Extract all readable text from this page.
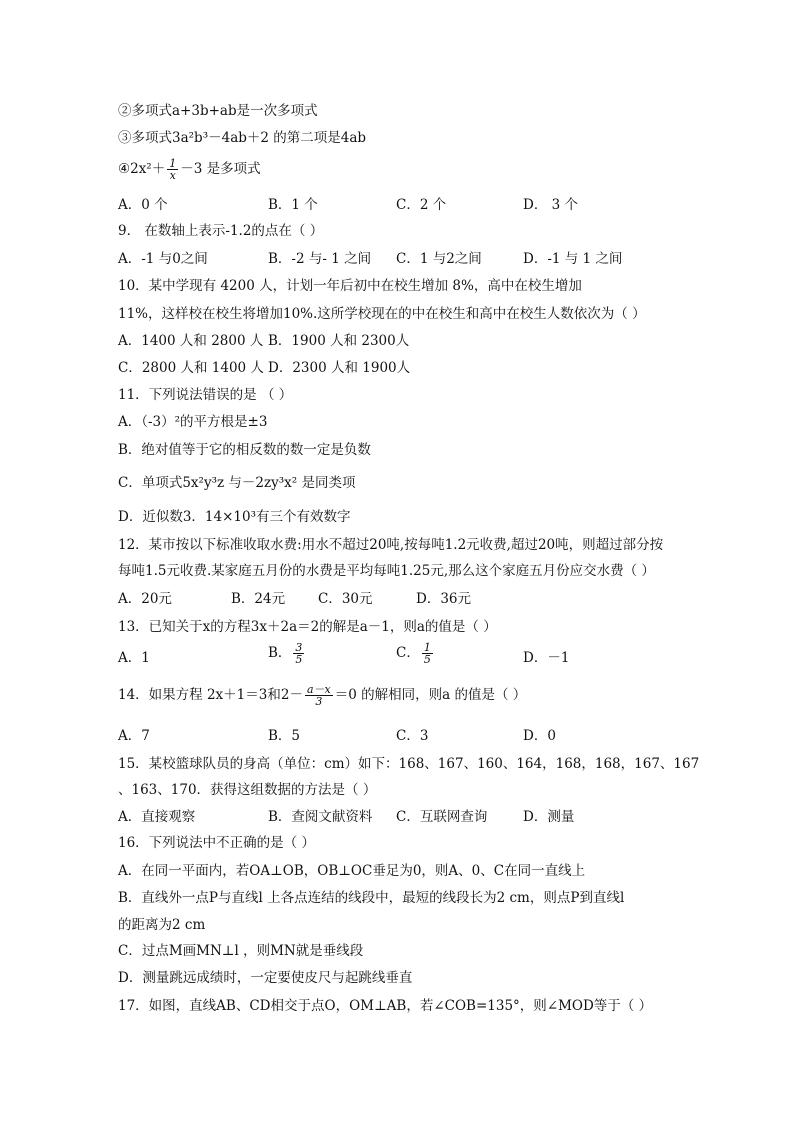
②多项式a+3b+ab是一次多项式
③多项式3a²b³－4ab＋2 的第二项是4ab
④2x²＋ $\frac{1}{x} -3$ 是多项式
A．0 个	B．1 个	C．2 个	D． 3 个
9． 在数轴上表示-1.2的点在（ ）
A．-1 与0之间	B．-2 与- 1 之间 C．1 与2之间	D．-1 与 1 之间
10．某中学现有 4200 人，计划一年后初中在校生增加 8%，高中在校生增加
11%，这样校在校生将增加10%.这所学校现在的中在校生和高中在校生人数依次为（ ）
A．1400 人和 2800 人 B．1900 人和 2300人
C．2800 人和 1400 人 D．2300 人和 1900人
11．下列说法错误的是 （ ）
A．（-3）²的平方根是±3
B．绝对值等于它的相反数的数一定是负数
C．单项式5x²y³z 与－2zy³x² 是同类项
D．近似数3．14×10³有三个有效数字
12．某市按以下标准收取水费:用水不超过20吨,按每吨1.2元收费,超过20吨，则超过部分按
每吨1.5元收费.某家庭五月份的水费是平均每吨1.25元,那么这个家庭五月份应交水费（ ）
A．20元	B．24元 C．30元	D．36元
13．已知关于x的方程3x＋2a＝2的解是a－1，则a的值是（ ）
A．1	B． $\frac{3}{5}$	C． $\frac{1}{5}$	D．－1
14．如果方程 2x＋1＝3和$2- \frac{a-x}{3} =0$ 的解相同，则a 的值是（ ）
A．7	B．5	C．3	D．0
15．某校篮球队员的身高（单位：cm）如下：168、167、160、164，168，168，167、167
、163、170．获得这组数据的方法是（ ）
A．直接观察	B．查阅文献资料 C．互联网查询	D．测量
16．下列说法中不正确的是（ ）
A．在同一平面内，若OA⊥OB，OB⊥OC垂足为0，则A、0、C在同一直线上
B．直线外一点P与直线l 上各点连结的线段中，最短的线段长为2 cm，则点P到直线l
的距离为2 cm
C．过点M画MN⊥l ，则MN就是垂线段
D．测量跳远成绩时，一定要使皮尺与起跳线垂直
17．如图，直线AB、CD相交于点O，OM⊥AB，若∠COB=135°，则∠MOD等于（ ）
